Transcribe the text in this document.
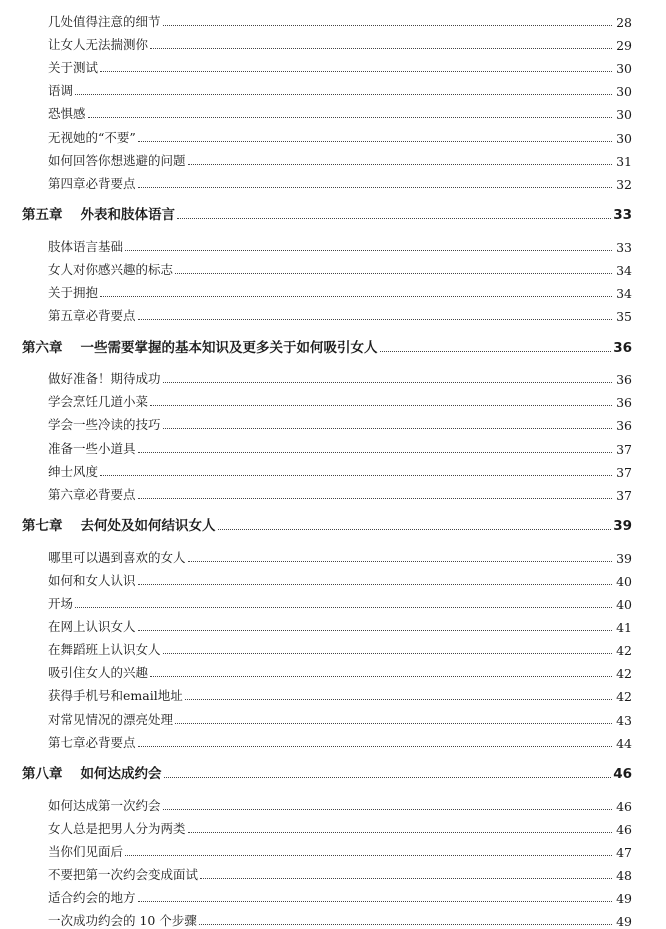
几处值得注意的细节	28
让女人无法揣测你	29
关于测试	30
语调	30
恐惧感	30
无视她的“不要”	30
如何回答你想逃避的问题	31
第四章必背要点	32
第五章 外表和肢体语言	33
肢体语言基础	33
女人对你感兴趣的标志	34
关于拥抱	34
第五章必背要点	35
第六章 一些需要掌握的基本知识及更多关于如何吸引女人	36
做好准备！期待成功	36
学会烹饪几道小菜	36
学会一些冷读的技巧	36
准备一些小道具	37
绅士风度	37
第六章必背要点	37
第七章 去何处及如何结识女人	39
哪里可以遇到喜欢的女人	39
如何和女人认识	40
开场	40
在网上认识女人	41
在舞蹈班上认识女人	42
吸引住女人的兴趣	42
获得手机号和email地址	42
对常见情况的漂亮处理	43
第七章必背要点	44
第八章 如何达成约会	46
如何达成第一次约会	46
女人总是把男人分为两类	46
当你们见面后	47
不要把第一次约会变成面试	48
适合约会的地方	49
一次成功约会的 10 个步骤	49
